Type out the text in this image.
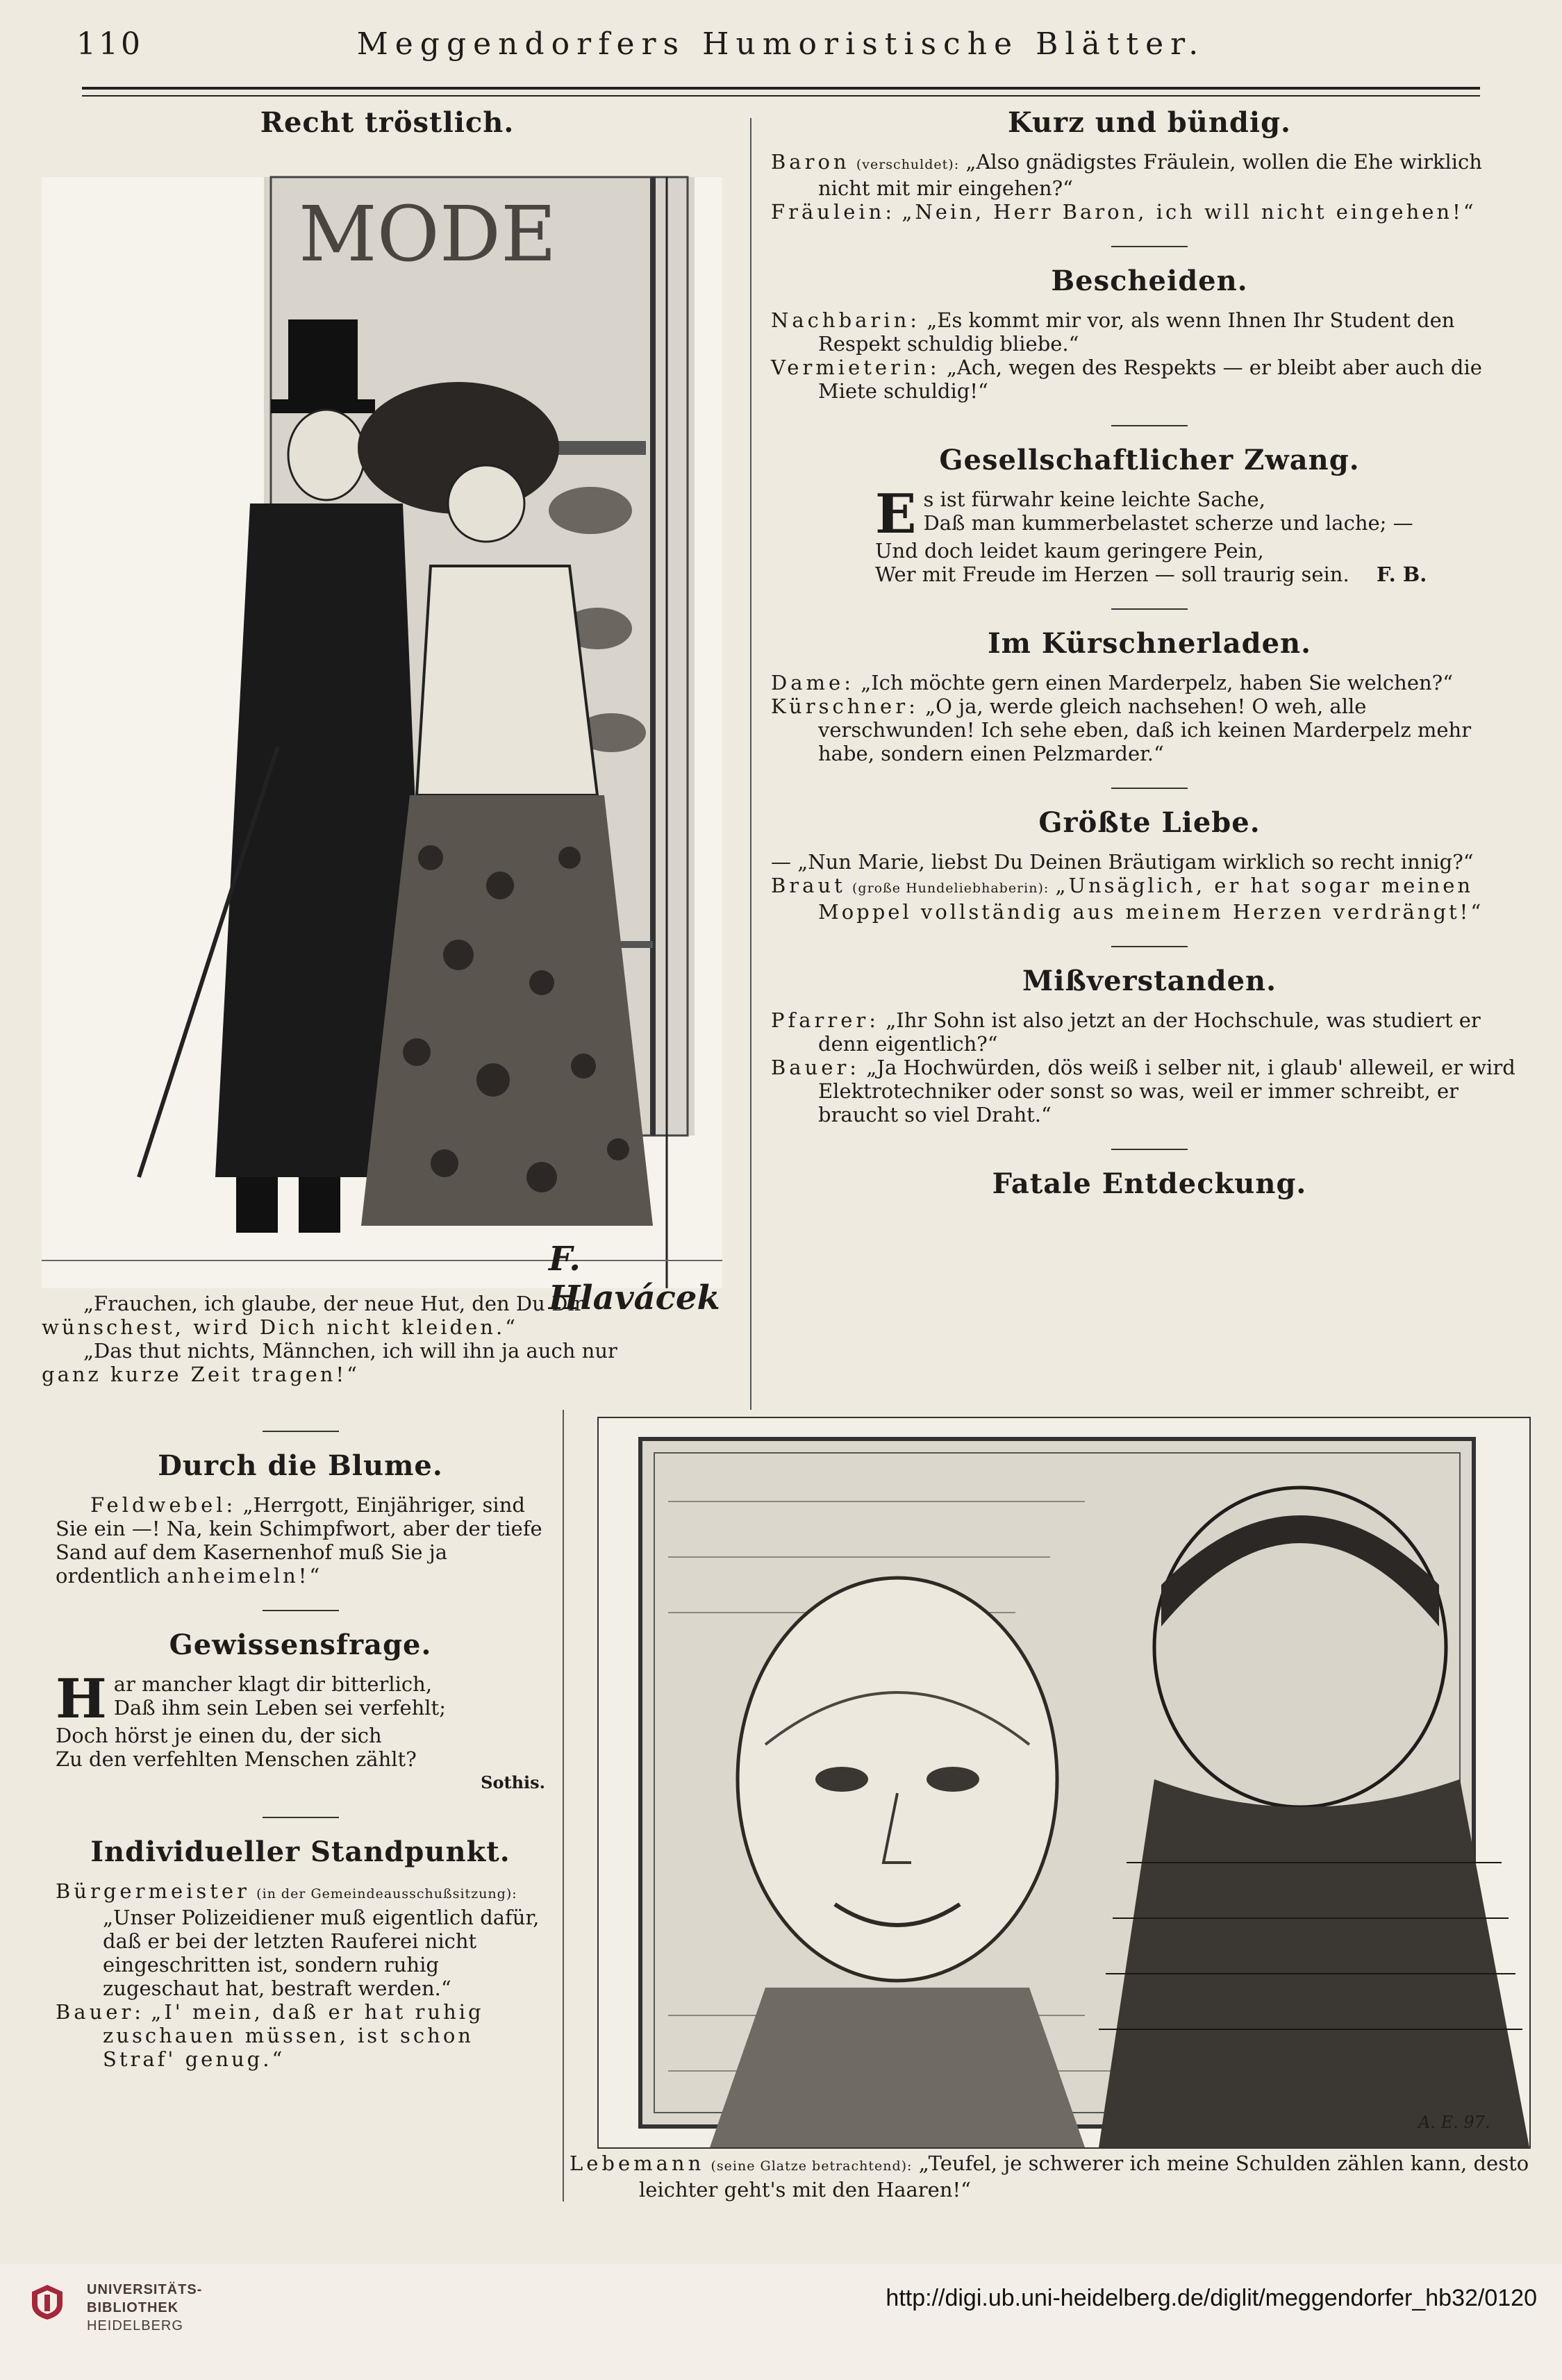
110	Meggendorfers Humoristische Blätter.
Recht tröstlich.
MODE
F. Hlavácek

„Frauchen, ich glaube, der neue Hut, den Du Dir

wünschest, wird Dich nicht kleiden.“

„Das thut nichts, Männchen, ich will ihn ja auch nur

ganz kurze Zeit tragen!“

Durch die Blume.

Feldwebel: „Herrgott, Einjähriger, sind Sie ein —! Na, kein Schimpfwort, aber der tiefe Sand auf dem Kasernenhof muß Sie ja ordentlich anheimeln!“

Gewissensfrage.
H ar mancher klagt dir bitterlich,

Daß ihm sein Leben sei verfehlt;

Doch hörst je einen du, der sich

Zu den verfehlten Menschen zählt?

Sothis.
Individueller Standpunkt.

Bürgermeister (in der Gemeindeausschußsitzung): „Unser Polizeidiener muß eigentlich dafür, daß er bei der letzten Rauferei nicht eingeschritten ist, sondern ruhig zugeschaut hat, bestraft werden.“

Bauer: „I' mein, daß er hat ruhig zuschauen müssen, ist schon Straf' genug.“

Kurz und bündig.

Baron (verschuldet): „Also gnädigstes Fräulein, wollen die Ehe wirklich nicht mit mir eingehen?“

Fräulein: „Nein, Herr Baron, ich will nicht eingehen!“

Bescheiden.

Nachbarin: „Es kommt mir vor, als wenn Ihnen Ihr Student den Respekt schuldig bliebe.“

Vermieterin: „Ach, wegen des Respekts — er bleibt aber auch die Miete schuldig!“

Gesellschaftlicher Zwang.
E s ist fürwahr keine leichte Sache,

Daß man kummerbelastet scherze und lache; —

Und doch leidet kaum geringere Pein,

Wer mit Freude im Herzen — soll traurig sein. F. B.

Im Kürschnerladen.

Dame: „Ich möchte gern einen Marderpelz, haben Sie welchen?“

Kürschner: „O ja, werde gleich nachsehen! O weh, alle verschwunden! Ich sehe eben, daß ich keinen Marderpelz mehr habe, sondern einen Pelzmarder.“

Größte Liebe.

— „Nun Marie, liebst Du Deinen Bräutigam wirklich so recht innig?“

Braut (große Hundeliebhaberin): „Unsäglich, er hat sogar meinen Moppel vollständig aus meinem Herzen verdrängt!“

Mißverstanden.

Pfarrer: „Ihr Sohn ist also jetzt an der Hochschule, was studiert er denn eigentlich?“

Bauer: „Ja Hochwürden, dös weiß i selber nit, i glaub' alleweil, er wird Elektrotechniker oder sonst so was, weil er immer schreibt, er braucht so viel Draht.“

Fatale Entdeckung.
A. E. 97.

Lebemann (seine Glatze betrachtend): „Teufel, je schwerer ich meine Schulden zählen kann, desto leichter geht's mit den Haaren!“

UNIVERSITÄTS-
BIBLIOTHEK
HEIDELBERG
http://digi.ub.uni-heidelberg.de/diglit/meggendorfer_hb32/0120
